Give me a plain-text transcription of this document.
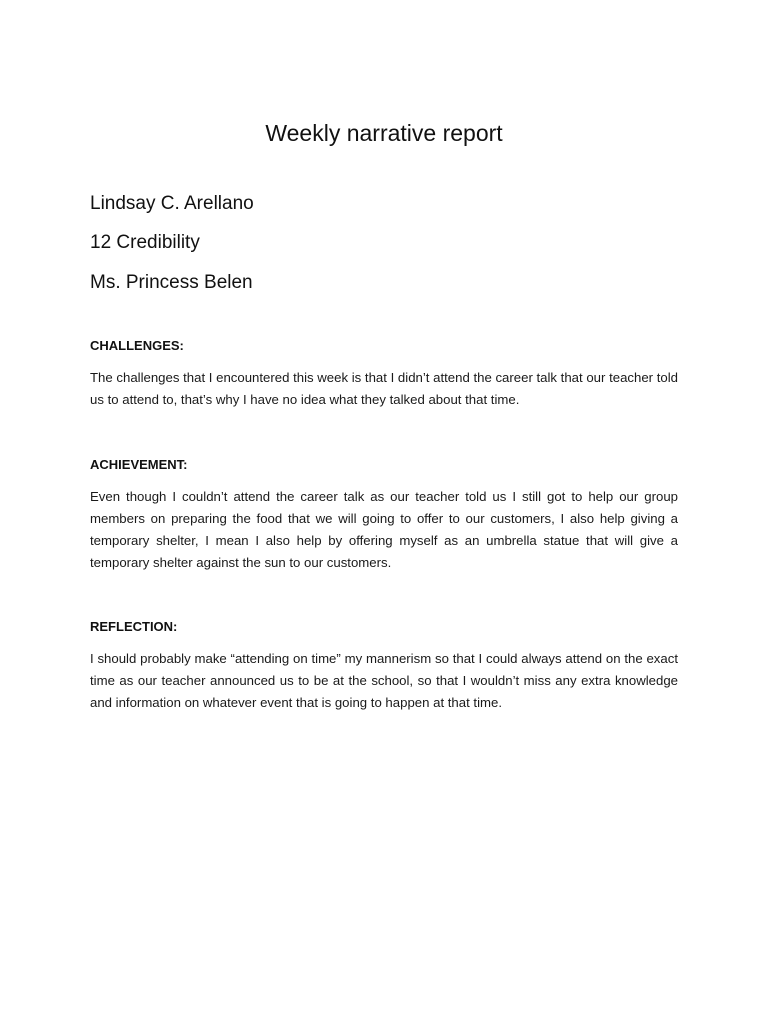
Weekly narrative report

Lindsay C. Arellano

12 Credibility

Ms. Princess Belen

CHALLENGES:

The challenges that I encountered this week is that I didn’t attend the career talk that our teacher told us to attend to, that’s why I have no idea what they talked about that time.

ACHIEVEMENT:

Even though I couldn’t attend the career talk as our teacher told us I still got to help our group members on preparing the food that we will going to offer to our customers, I also help giving a temporary shelter, I mean I also help by offering myself as an umbrella statue that will give a temporary shelter against the sun to our customers.

REFLECTION:

I should probably make “attending on time” my mannerism so that I could always attend on the exact time as our teacher announced us to be at the school, so that I wouldn’t miss any extra knowledge and information on whatever event that is going to happen at that time.
